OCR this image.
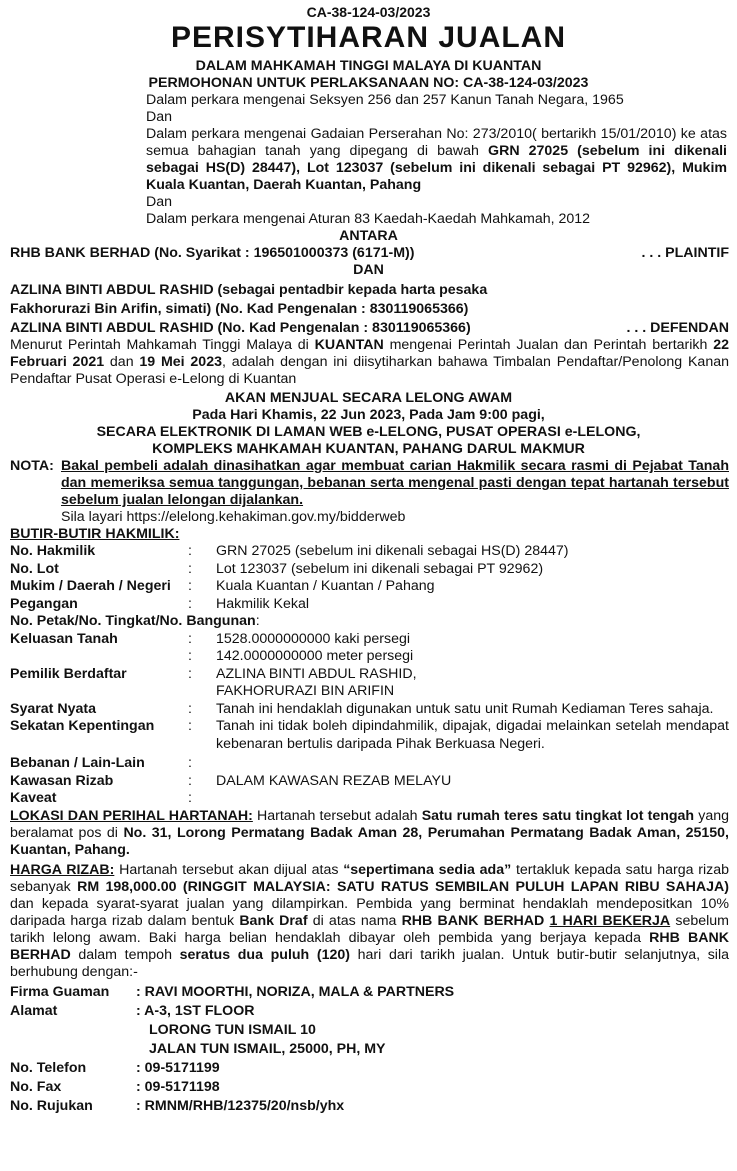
CA-38-124-03/2023
PERISYTIHARAN JUALAN
DALAM MAHKAMAH TINGGI MALAYA DI KUANTAN
PERMOHONAN UNTUK PERLAKSANAAN NO: CA-38-124-03/2023
Dalam perkara mengenai Seksyen 256 dan 257 Kanun Tanah Negara, 1965
Dan
Dalam perkara mengenai Gadaian Perserahan No: 273/2010( bertarikh 15/01/2010) ke atas semua bahagian tanah yang dipegang di bawah GRN 27025 (sebelum ini dikenali sebagai HS(D) 28447), Lot 123037 (sebelum ini dikenali sebagai PT 92962), Mukim Kuala Kuantan, Daerah Kuantan, Pahang
Dan
Dalam perkara mengenai Aturan 83 Kaedah-Kaedah Mahkamah, 2012
ANTARA
RHB BANK BERHAD (No. Syarikat : 196501000373 (6171-M))	. . . PLAINTIF
DAN
AZLINA BINTI ABDUL RASHID (sebagai pentadbir kepada harta pesaka
Fakhorurazi Bin Arifin, simati) (No. Kad Pengenalan : 830119065366)
AZLINA BINTI ABDUL RASHID (No. Kad Pengenalan : 830119065366)	. . . DEFENDAN
Menurut Perintah Mahkamah Tinggi Malaya di KUANTAN mengenai Perintah Jualan dan Perintah bertarikh 22 Februari 2021 dan 19 Mei 2023, adalah dengan ini diisytiharkan bahawa Timbalan Pendaftar/Penolong Kanan Pendaftar Pusat Operasi e-Lelong di Kuantan
AKAN MENJUAL SECARA LELONG AWAM
Pada Hari Khamis, 22 Jun 2023, Pada Jam 9:00 pagi,
SECARA ELEKTRONIK DI LAMAN WEB e-LELONG, PUSAT OPERASI e-LELONG,
KOMPLEKS MAHKAMAH KUANTAN, PAHANG DARUL MAKMUR
NOTA: Bakal pembeli adalah dinasihatkan agar membuat carian Hakmilik secara rasmi di Pejabat Tanah dan memeriksa semua tanggungan, bebanan serta mengenal pasti dengan tepat hartanah tersebut sebelum jualan lelongan dijalankan.
Sila layari https://elelong.kehakiman.gov.my/bidderweb
BUTIR-BUTIR HAKMILIK:
No. Hakmilik	:	GRN 27025 (sebelum ini dikenali sebagai HS(D) 28447)
No. Lot	:	Lot 123037 (sebelum ini dikenali sebagai PT 92962)
Mukim / Daerah / Negeri	:	Kuala Kuantan / Kuantan / Pahang
Pegangan	:	Hakmilik Kekal
No. Petak/No. Tingkat/No. Bangunan :
Keluasan Tanah	:	1528.0000000000 kaki persegi
:	142.0000000000 meter persegi
Pemilik Berdaftar	:	AZLINA BINTI ABDUL RASHID,
FAKHORURAZI BIN ARIFIN
Syarat Nyata	:	Tanah ini hendaklah digunakan untuk satu unit Rumah Kediaman Teres sahaja.
Sekatan Kepentingan	:	Tanah ini tidak boleh dipindahmilik, dipajak, digadai melainkan setelah mendapat kebenaran bertulis daripada Pihak Berkuasa Negeri.
Bebanan / Lain-Lain	:
Kawasan Rizab	:	DALAM KAWASAN REZAB MELAYU
Kaveat	:
LOKASI DAN PERIHAL HARTANAH: Hartanah tersebut adalah Satu rumah teres satu tingkat lot tengah yang beralamat pos di No. 31, Lorong Permatang Badak Aman 28, Perumahan Permatang Badak Aman, 25150, Kuantan, Pahang.
HARGA RIZAB: Hartanah tersebut akan dijual atas “sepertimana sedia ada” tertakluk kepada satu harga rizab sebanyak RM 198,000.00 (RINGGIT MALAYSIA: SATU RATUS SEMBILAN PULUH LAPAN RIBU SAHAJA) dan kepada syarat-syarat jualan yang dilampirkan. Pembida yang berminat hendaklah mendepositkan 10% daripada harga rizab dalam bentuk Bank Draf di atas nama RHB BANK BERHAD 1 HARI BEKERJA sebelum tarikh lelong awam. Baki harga belian hendaklah dibayar oleh pembida yang berjaya kepada RHB BANK BERHAD dalam tempoh seratus dua puluh (120) hari dari tarikh jualan. Untuk butir-butir selanjutnya, sila berhubung dengan:-
Firma Guaman	: RAVI MOORTHI, NORIZA, MALA & PARTNERS
Alamat	: A-3, 1ST FLOOR
LORONG TUN ISMAIL 10
JALAN TUN ISMAIL, 25000, PH, MY
No. Telefon	: 09-5171199
No. Fax	: 09-5171198
No. Rujukan	: RMNM/RHB/12375/20/nsb/yhx
